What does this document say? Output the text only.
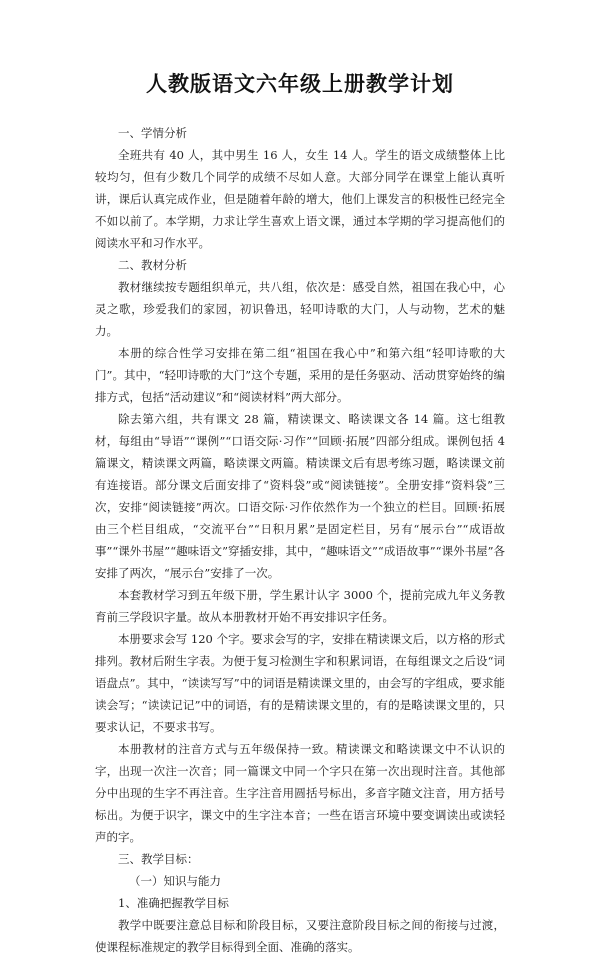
人教版语文六年级上册教学计划

一、学情分析

全班共有 40 人，其中男生 16 人，女生 14 人。学生的语文成绩整体上比较均匀，但有少数几个同学的成绩不尽如人意。大部分同学在课堂上能认真听讲，课后认真完成作业，但是随着年龄的增大，他们上课发言的积极性已经完全不如以前了。本学期，力求让学生喜欢上语文课，通过本学期的学习提高他们的阅读水平和习作水平。

二、教材分析

教材继续按专题组织单元，共八组，依次是：感受自然，祖国在我心中，心灵之歌，珍爱我们的家园，初识鲁迅，轻叩诗歌的大门，人与动物，艺术的魅力。

本册的综合性学习安排在第二组“祖国在我心中”和第六组“轻叩诗歌的大门”。其中，“轻叩诗歌的大门”这个专题，采用的是任务驱动、活动贯穿始终的编排方式，包括“活动建议”和“阅读材料”两大部分。

除去第六组，共有课文 28 篇，精读课文、略读课文各 14 篇。这七组教材，每组由“导语”“课例”“口语交际·习作”“回顾·拓展”四部分组成。课例包括 4 篇课文，精读课文两篇，略读课文两篇。精读课文后有思考练习题，略读课文前有连接语。部分课文后面安排了“资料袋”或“阅读链接”。全册安排“资料袋”三次，安排“阅读链接”两次。口语交际·习作依然作为一个独立的栏目。回顾·拓展由三个栏目组成，“交流平台”“日积月累”是固定栏目，另有“展示台”“成语故事”“课外书屋”“趣味语文”穿插安排，其中，“趣味语文”“成语故事”“课外书屋”各安排了两次，“展示台”安排了一次。

本套教材学习到五年级下册，学生累计认字 3000 个，提前完成九年义务教育前三学段识字量。故从本册教材开始不再安排识字任务。

本册要求会写 120 个字。要求会写的字，安排在精读课文后，以方格的形式排列。教材后附生字表。为便于复习检测生字和积累词语，在每组课文之后设“词语盘点”。其中，“读读写写”中的词语是精读课文里的，由会写的字组成，要求能读会写；“读读记记”中的词语，有的是精读课文里的，有的是略读课文里的，只要求认记，不要求书写。

本册教材的注音方式与五年级保持一致。精读课文和略读课文中不认识的字，出现一次注一次音；同一篇课文中同一个字只在第一次出现时注音。其他部分中出现的生字不再注音。生字注音用圆括号标出，多音字随文注音，用方括号标出。为便于识字，课文中的生字注本音；一些在语言环境中要变调读出或读轻声的字。

三、教学目标：

（一）知识与能力

1、准确把握教学目标

教学中既要注意总目标和阶段目标，又要注意阶段目标之间的衔接与过渡，使课程标准规定的教学目标得到全面、准确的落实。
